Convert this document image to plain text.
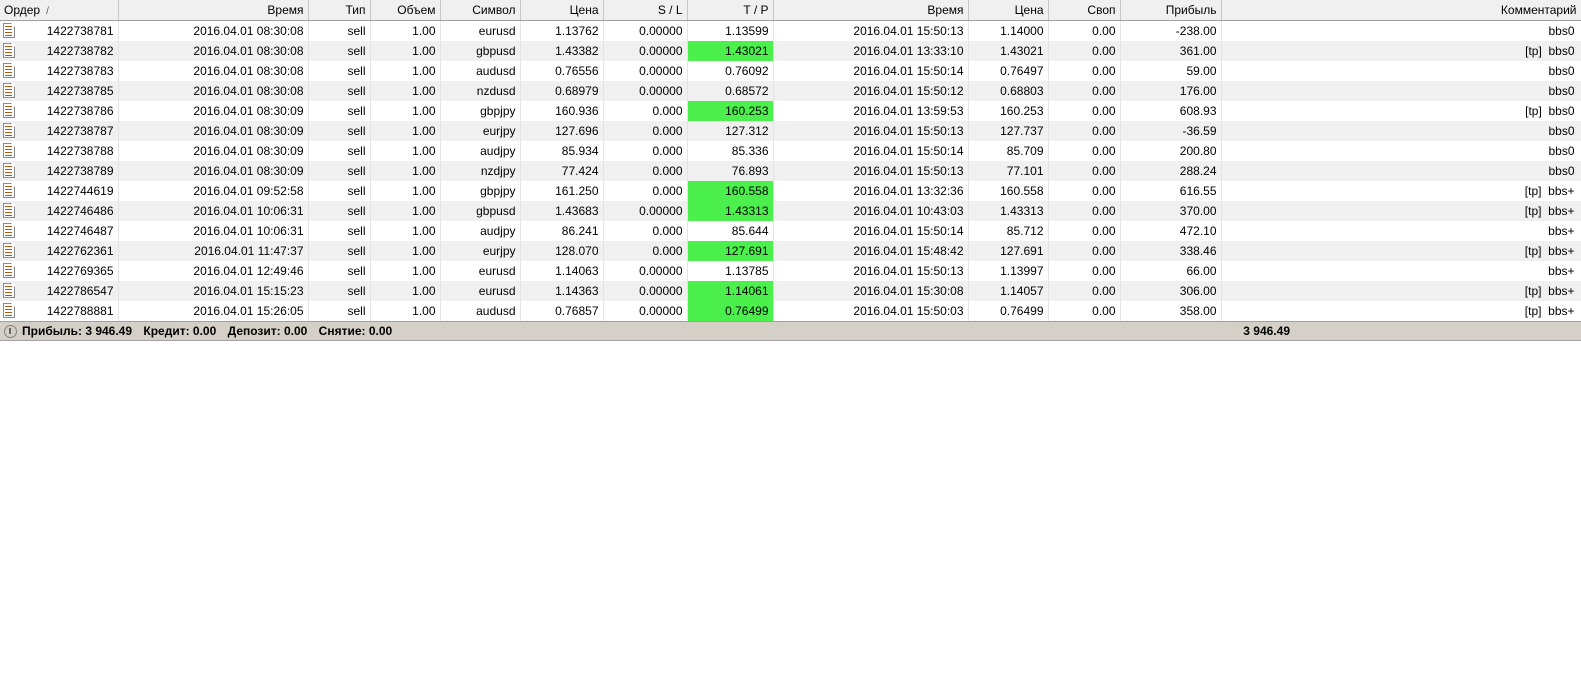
Ордер /	Время	Тип	Объем	Символ	Цена	S / L	T / P	Время	Цена	Своп	Прибыль	Комментарий

1422738781	2016.04.01 08:30:08	sell	1.00	eurusd	1.13762	0.00000	1.13599	2016.04.01 15:50:13	1.14000	0.00	-238.00	bbs0

1422738782	2016.04.01 08:30:08	sell	1.00	gbpusd	1.43382	0.00000	1.43021	2016.04.01 13:33:10	1.43021	0.00	361.00	[tp]  bbs0

1422738783	2016.04.01 08:30:08	sell	1.00	audusd	0.76556	0.00000	0.76092	2016.04.01 15:50:14	0.76497	0.00	59.00	bbs0

1422738785	2016.04.01 08:30:08	sell	1.00	nzdusd	0.68979	0.00000	0.68572	2016.04.01 15:50:12	0.68803	0.00	176.00	bbs0

1422738786	2016.04.01 08:30:09	sell	1.00	gbpjpy	160.936	0.000	160.253	2016.04.01 13:59:53	160.253	0.00	608.93	[tp]  bbs0

1422738787	2016.04.01 08:30:09	sell	1.00	eurjpy	127.696	0.000	127.312	2016.04.01 15:50:13	127.737	0.00	-36.59	bbs0

1422738788	2016.04.01 08:30:09	sell	1.00	audjpy	85.934	0.000	85.336	2016.04.01 15:50:14	85.709	0.00	200.80	bbs0

1422738789	2016.04.01 08:30:09	sell	1.00	nzdjpy	77.424	0.000	76.893	2016.04.01 15:50:13	77.101	0.00	288.24	bbs0

1422744619	2016.04.01 09:52:58	sell	1.00	gbpjpy	161.250	0.000	160.558	2016.04.01 13:32:36	160.558	0.00	616.55	[tp]  bbs+

1422746486	2016.04.01 10:06:31	sell	1.00	gbpusd	1.43683	0.00000	1.43313	2016.04.01 10:43:03	1.43313	0.00	370.00	[tp]  bbs+

1422746487	2016.04.01 10:06:31	sell	1.00	audjpy	86.241	0.000	85.644	2016.04.01 15:50:14	85.712	0.00	472.10	bbs+

1422762361	2016.04.01 11:47:37	sell	1.00	eurjpy	128.070	0.000	127.691	2016.04.01 15:48:42	127.691	0.00	338.46	[tp]  bbs+

1422769365	2016.04.01 12:49:46	sell	1.00	eurusd	1.14063	0.00000	1.13785	2016.04.01 15:50:13	1.13997	0.00	66.00	bbs+

1422786547	2016.04.01 15:15:23	sell	1.00	eurusd	1.14363	0.00000	1.14061	2016.04.01 15:30:08	1.14057	0.00	306.00	[tp]  bbs+

1422788881	2016.04.01 15:26:05	sell	1.00	audusd	0.76857	0.00000	0.76499	2016.04.01 15:50:03	0.76499	0.00	358.00	[tp]  bbs+
Прибыль: 3 946.49 Кредит: 0.00 Депозит: 0.00 Снятие: 0.00	3 946.49
